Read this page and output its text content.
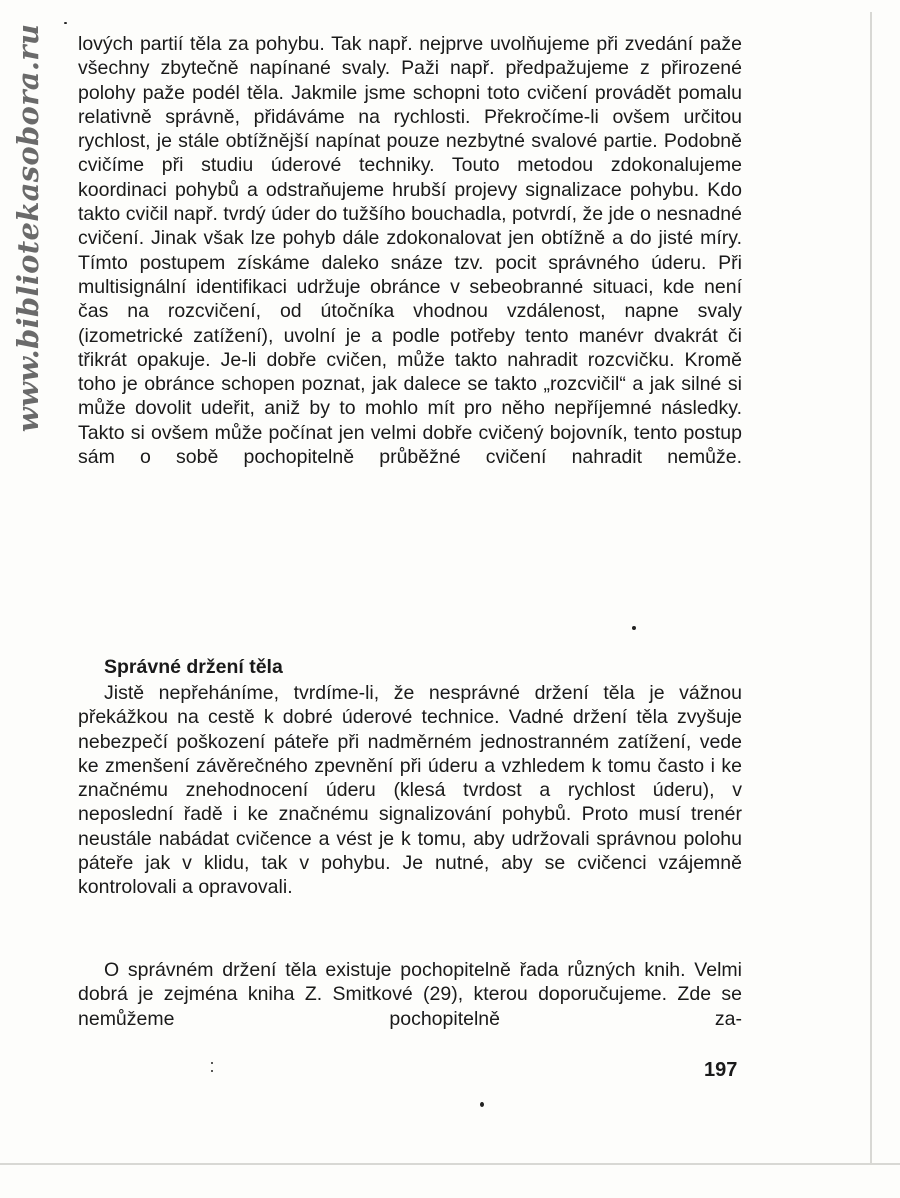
www.bibliotekasobora.ru lových partií těla za pohybu. Tak např. nejprve uvolňujeme při zvedání paže všechny zbytečně napínané svaly. Paži např. předpažujeme z přirozené polohy paže podél těla. Jakmile jsme schopni toto cvičení provádět pomalu relativně správně, přidáváme na rychlosti. Překročíme-li ovšem určitou rychlost, je stále obtížnější napínat pouze nezbytné svalové partie. Podobně cvičíme při studiu úderové techniky. Touto metodou zdokonalujeme koordinaci pohybů a odstraňujeme hrubší projevy signalizace pohybu. Kdo takto cvičil např. tvrdý úder do tužšího bouchadla, potvrdí, že jde o nesnadné cvičení. Jinak však lze pohyb dále zdokonalovat jen obtížně a do jisté míry. Tímto postupem získáme daleko snáze tzv. pocit správného úderu. Při multisignální identifikaci udržuje obránce v sebeobranné situaci, kde není čas na rozcvičení, od útočníka vhodnou vzdálenost, napne svaly (izometrické zatížení), uvolní je a podle potřeby tento manévr dvakrát či třikrát opakuje. Je-li dobře cvičen, může takto nahradit rozcvičku. Kromě toho je obránce schopen poznat, jak dalece se takto „rozcvičil“ a jak silné si může dovolit udeřit, aniž by to mohlo mít pro něho nepříjemné následky. Takto si ovšem může počínat jen velmi dobře cvičený bojovník, tento postup sám o sobě pochopitelně průběžné cvičení nahradit nemůže.
Správné držení těla
Jistě nepřeháníme, tvrdíme-li, že nesprávné držení těla je vážnou překážkou na cestě k dobré úderové technice. Vadné držení těla zvyšuje nebezpečí poškození páteře při nadměrném jednostranném zatížení, vede ke zmenšení závěrečného zpevnění při úderu a vzhledem k tomu často i ke značnému znehodnocení úderu (klesá tvrdost a rychlost úderu), v neposlední řadě i ke značnému signalizování pohybů. Proto musí trenér neustále nabádat cvičence a vést je k tomu, aby udržovali správnou polohu páteře jak v klidu, tak v pohybu. Je nutné, aby se cvičenci vzájemně kontrolovali a opravovali.
O správném držení těla existuje pochopitelně řada různých knih. Velmi dobrá je zejména kniha Z. Smitkové (29), kterou doporučujeme. Zde se nemůžeme pochopitelně za-
197
